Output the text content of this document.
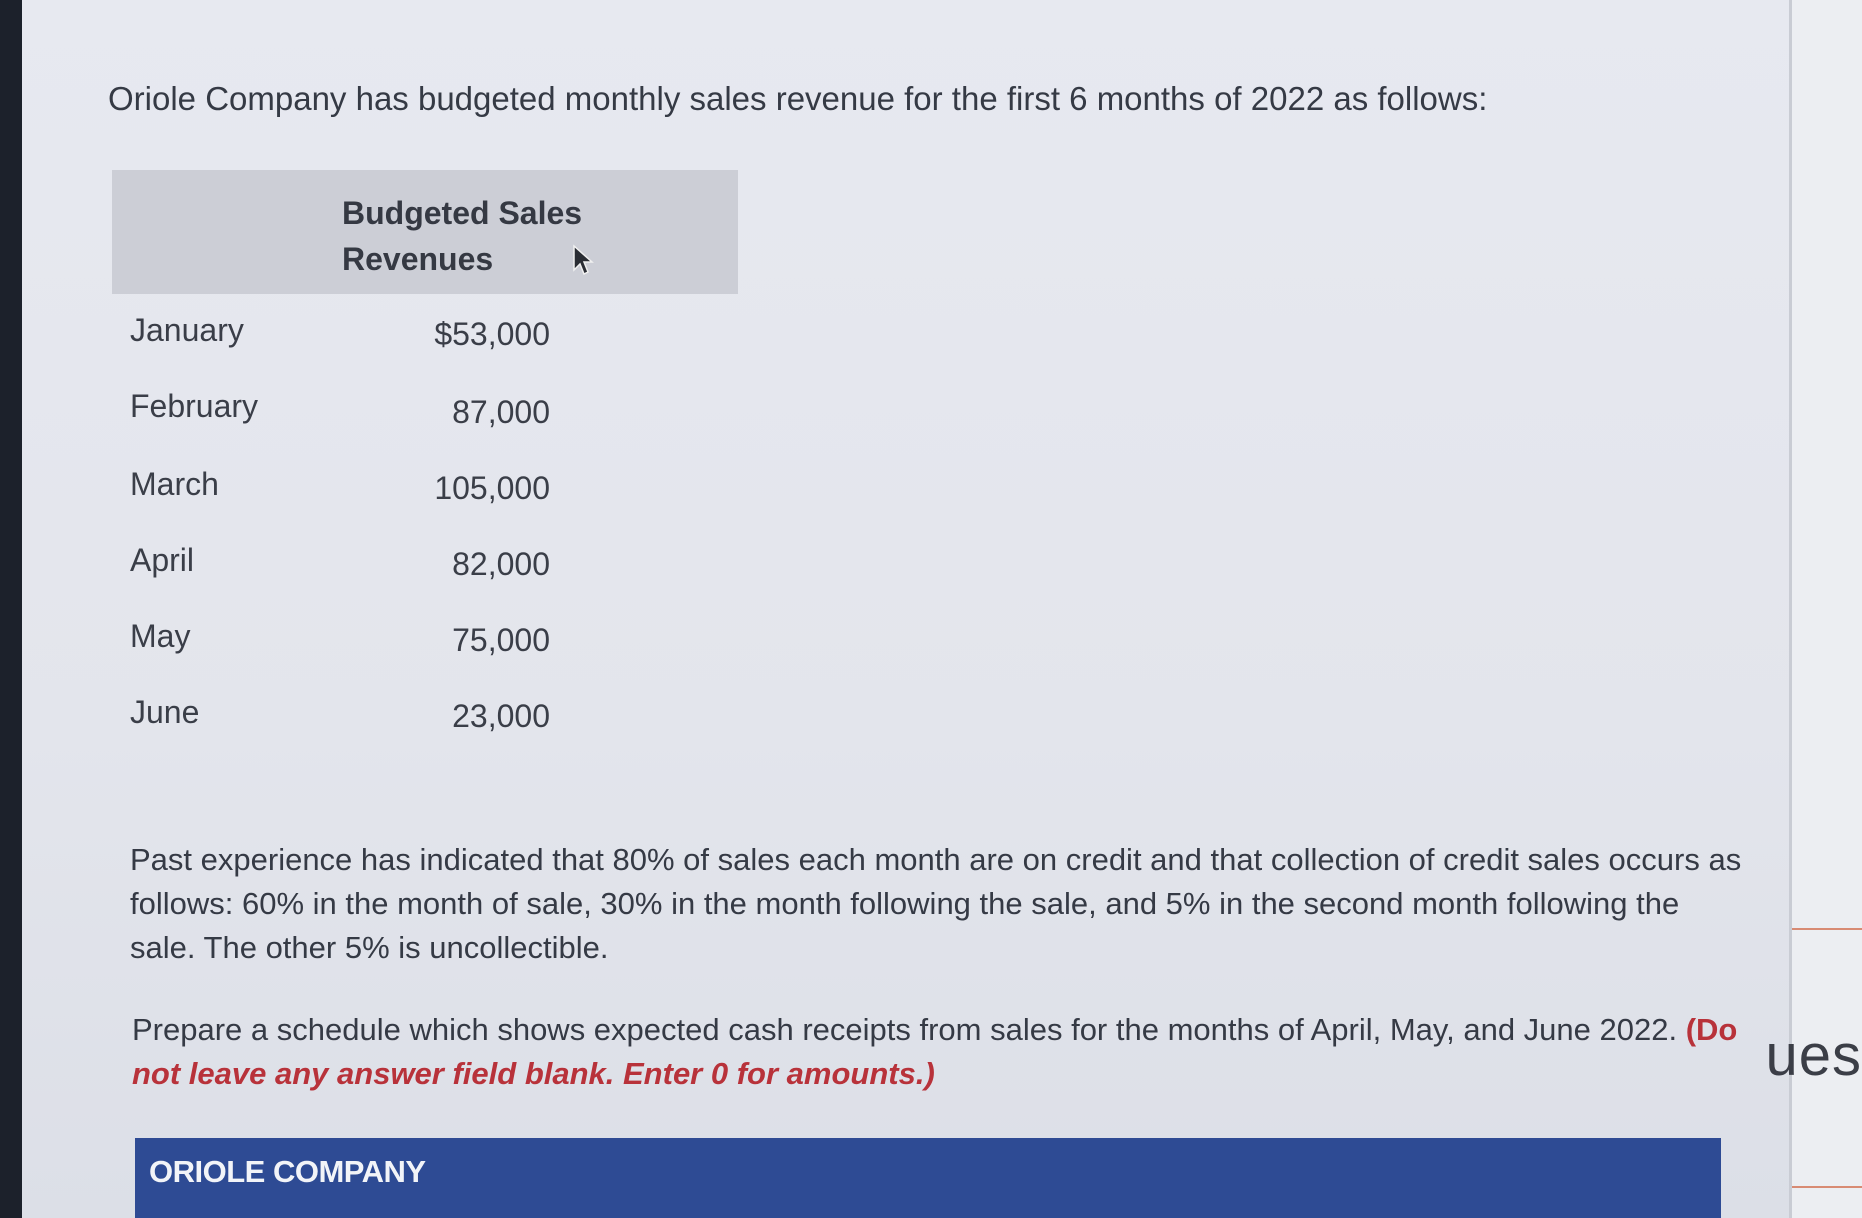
Oriole Company has budgeted monthly sales revenue for the first 6 months of 2022 as follows:
Budgeted Sales
Revenues
January	$53,000
February	87,000
March	105,000
April	82,000
May	75,000
June	23,000
Past experience has indicated that 80% of sales each month are on credit and that collection of credit sales occurs as follows: 60% in the month of sale, 30% in the month following the sale, and 5% in the second month following the sale. The other 5% is uncollectible.
Prepare a schedule which shows expected cash receipts from sales for the months of April, May, and June 2022. (Do not leave any answer field blank. Enter 0 for amounts.)
ORIOLE COMPANY
ues
